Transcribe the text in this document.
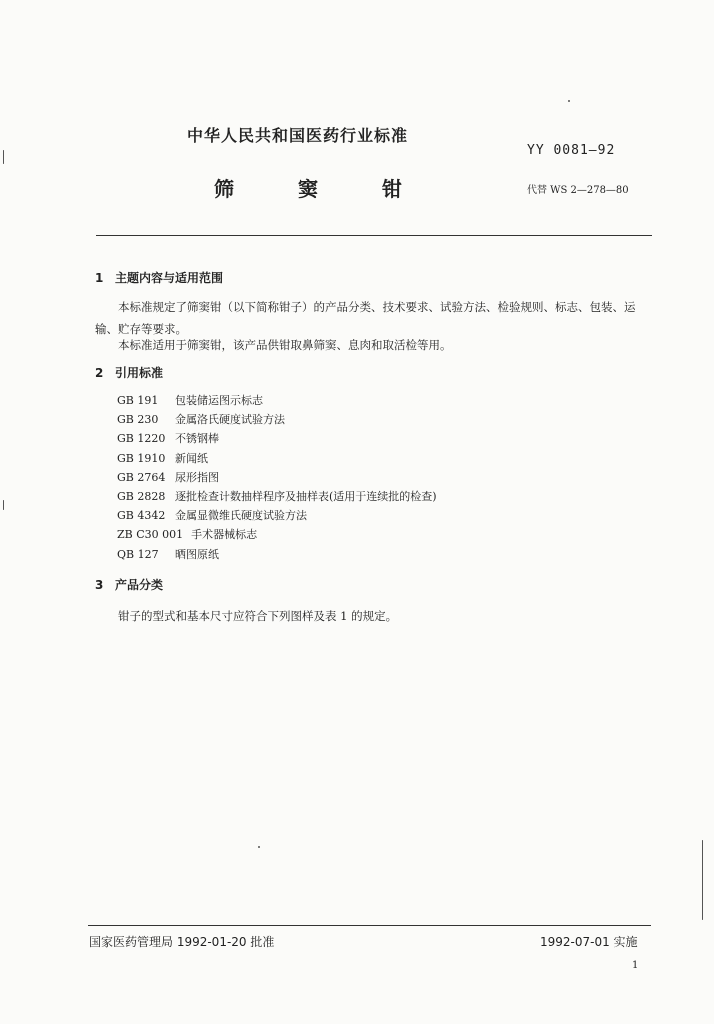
中华人民共和国医药行业标准
YY 0081—92
筛	窦	钳	代替 WS 2—278—80
1 主题内容与适用范围
本标准规定了筛窦钳（以下简称钳子）的产品分类、技术要求、试验方法、检验规则、标志、包装、运输、贮存等要求。
本标准适用于筛窦钳，该产品供钳取鼻筛窦、息肉和取活检等用。
2 引用标准
GB 191 包装储运图示标志
GB 230 金属洛氏硬度试验方法
GB 1220 不锈钢棒
GB 1910 新闻纸
GB 2764 尿形指图
GB 2828 逐批检查计数抽样程序及抽样表(适用于连续批的检查)
GB 4342 金属显微维氏硬度试验方法
ZB C30 001 手术器械标志
QB 127 晒图原纸
3 产品分类
钳子的型式和基本尺寸应符合下列图样及表 1 的规定。
国家医药管理局 1992-01-20 批准	1992-07-01 实施
1
